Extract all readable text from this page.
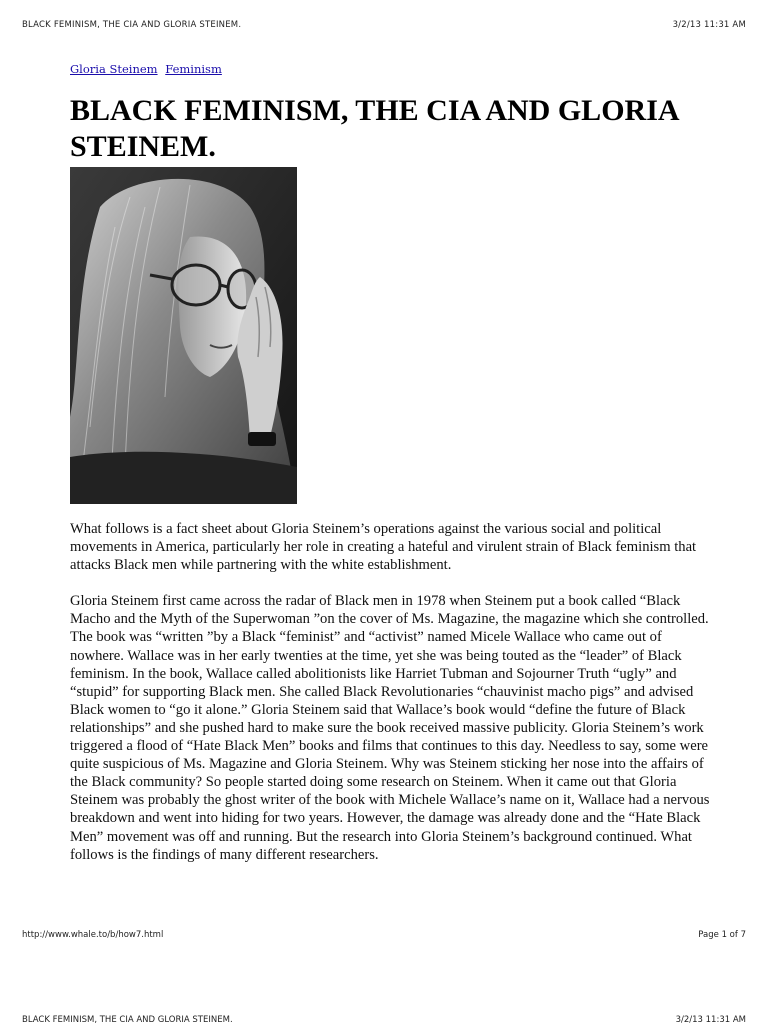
BLACK FEMINISM, THE CIA AND GLORIA STEINEM.	3/2/13 11:31 AM
Gloria Steinem Feminism
BLACK FEMINISM, THE CIA AND GLORIA STEINEM.

What follows is a fact sheet about Gloria Steinem’s operations against the various social and political movements in America, particularly her role in creating a hateful and virulent strain of Black feminism that attacks Black men while partnering with the white establishment.

Gloria Steinem first came across the radar of Black men in 1978 when Steinem put a book called “Black Macho and the Myth of the Superwoman ”on the cover of Ms. Magazine, the magazine which she controlled. The book was “written ”by a Black “feminist” and “activist” named Micele Wallace who came out of nowhere. Wallace was in her early twenties at the time, yet she was being touted as the “leader” of Black feminism. In the book, Wallace called abolitionists like Harriet Tubman and Sojourner Truth “ugly” and “stupid” for supporting Black men. She called Black Revolutionaries “chauvinist macho pigs” and advised Black women to “go it alone.” Gloria Steinem said that Wallace’s book would “define the future of Black relationships” and she pushed hard to make sure the book received massive publicity. Gloria Steinem’s work triggered a flood of “Hate Black Men” books and films that continues to this day. Needless to say, some were quite suspicious of Ms. Magazine and Gloria Steinem. Why was Steinem sticking her nose into the affairs of the Black community? So people started doing some research on Steinem. When it came out that Gloria Steinem was probably the ghost writer of the book with Michele Wallace’s name on it, Wallace had a nervous breakdown and went into hiding for two years. However, the damage was already done and the “Hate Black Men” movement was off and running. But the research into Gloria Steinem’s background continued. What follows is the findings of many different researchers.

http://www.whale.to/b/how7.html	Page 1 of 7
BLACK FEMINISM, THE CIA AND GLORIA STEINEM.	3/2/13 11:31 AM
